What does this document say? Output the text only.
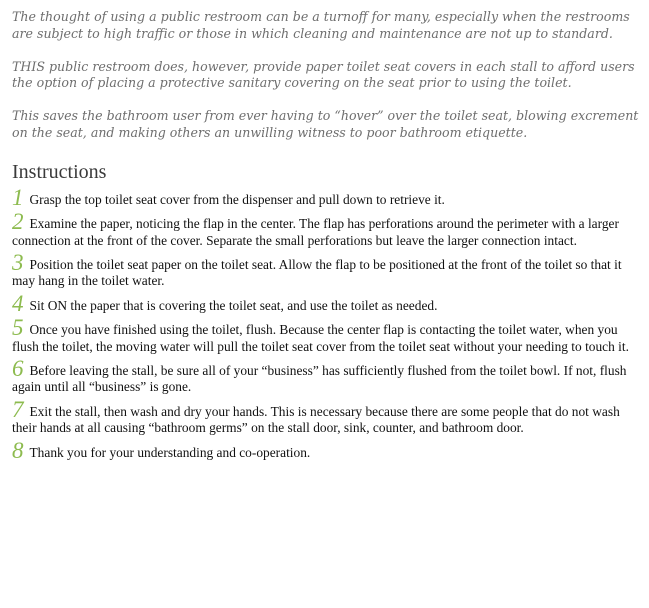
The thought of using a public restroom can be a turnoff for many, especially when the restrooms are subject to high traffic or those in which cleaning and maintenance are not up to standard.

THIS public restroom does, however, provide paper toilet seat covers in each stall to afford users the option of placing a protective sanitary covering on the seat prior to using the toilet.

This saves the bathroom user from ever having to “hover” over the toilet seat, blowing excrement on the seat, and making others an unwilling witness to poor bathroom etiquette.

Instructions
1 Grasp the top toilet seat cover from the dispenser and pull down to retrieve it.
2 Examine the paper, noticing the flap in the center. The flap has perforations around the perimeter with a larger connection at the front of the cover. Separate the small perforations but leave the larger connection intact.
3 Position the toilet seat paper on the toilet seat. Allow the flap to be positioned at the front of the toilet so that it may hang in the toilet water.
4 Sit ON the paper that is covering the toilet seat, and use the toilet as needed.
5 Once you have finished using the toilet, flush. Because the center flap is contacting the toilet water, when you flush the toilet, the moving water will pull the toilet seat cover from the toilet seat without your needing to touch it.
6 Before leaving the stall, be sure all of your “business” has sufficiently flushed from the toilet bowl. If not, flush again until all “business” is gone.
7 Exit the stall, then wash and dry your hands. This is necessary because there are some people that do not wash their hands at all causing “bathroom germs” on the stall door, sink, counter, and bathroom door.
8 Thank you for your understanding and co-operation.
